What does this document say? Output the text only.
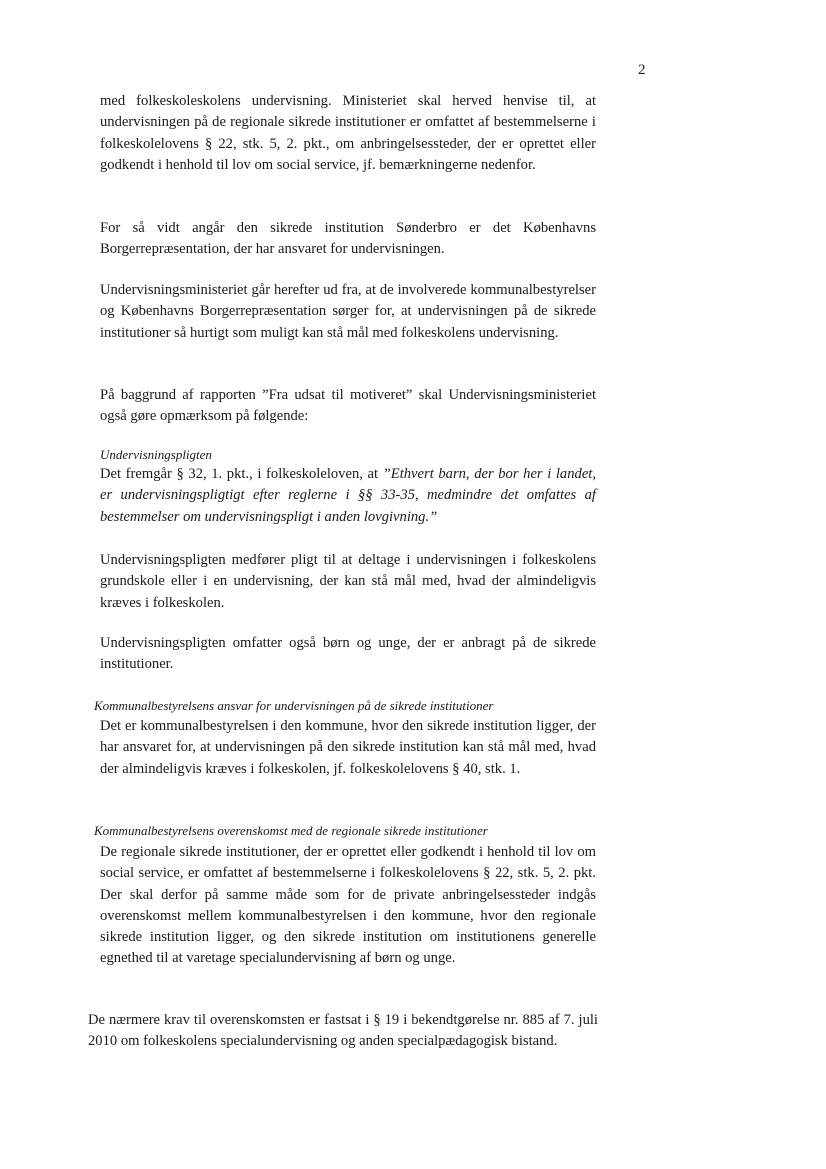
2

med folkeskoleskolens undervisning. Ministeriet skal herved henvise til, at undervisningen på de regionale sikrede institutioner er omfattet af bestemmelserne i folkeskolelovens § 22, stk. 5, 2. pkt., om anbringelsessteder, der er oprettet eller godkendt i henhold til lov om social service, jf. bemærkningerne nedenfor.

For så vidt angår den sikrede institution Sønderbro er det Københavns Borgerrepræsentation, der har ansvaret for undervisningen.

Undervisningsministeriet går herefter ud fra, at de involverede kommunalbestyrelser og Københavns Borgerrepræsentation sørger for, at undervisningen på de sikrede institutioner så hurtigt som muligt kan stå mål med folkeskolens undervisning.

På baggrund af rapporten ”Fra udsat til motiveret” skal Undervisningsministeriet også gøre opmærksom på følgende:

Undervisningspligten

Det fremgår § 32, 1. pkt., i folkeskoleloven, at ”Ethvert barn, der bor her i landet, er undervisningspligtigt efter reglerne i §§ 33-35, medmindre det omfattes af bestemmelser om undervisningspligt i anden lovgivning.”

Undervisningspligten medfører pligt til at deltage i undervisningen i folkeskolens grundskole eller i en undervisning, der kan stå mål med, hvad der almindeligvis kræves i folkeskolen.

Undervisningspligten omfatter også børn og unge, der er anbragt på de sikrede institutioner.

Kommunalbestyrelsens ansvar for undervisningen på de sikrede institutioner

Det er kommunalbestyrelsen i den kommune, hvor den sikrede institution ligger, der har ansvaret for, at undervisningen på den sikrede institution kan stå mål med, hvad der almindeligvis kræves i folkeskolen, jf. folkeskolelovens § 40, stk. 1.

Kommunalbestyrelsens overenskomst med de regionale sikrede institutioner

De regionale sikrede institutioner, der er oprettet eller godkendt i henhold til lov om social service, er omfattet af bestemmelserne i folkeskolelovens § 22, stk. 5, 2. pkt. Der skal derfor på samme måde som for de private anbringelsessteder indgås overenskomst mellem kommunalbestyrelsen i den kommune, hvor den regionale sikrede institution ligger, og den sikrede institution om institutionens generelle egnethed til at varetage specialundervisning af børn og unge.

De nærmere krav til overenskomsten er fastsat i § 19 i bekendtgørelse nr. 885 af 7. juli 2010 om folkeskolens specialundervisning og anden specialpædagogisk bistand.
